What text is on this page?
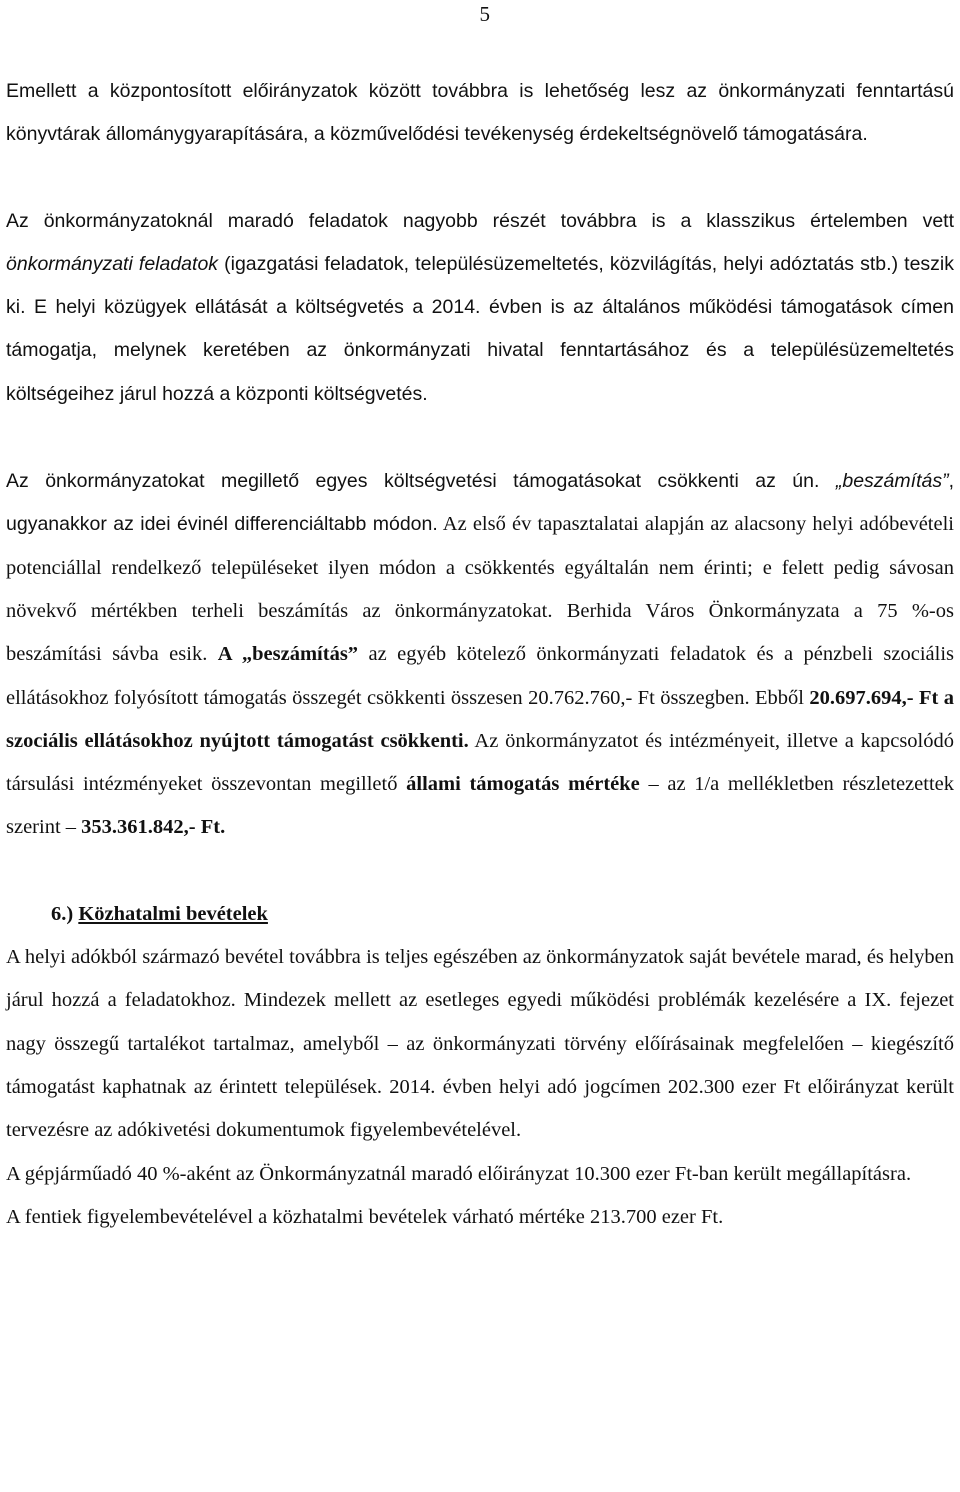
5

Emellett a központosított előirányzatok között továbbra is lehetőség lesz az önkormányzati fenntartású könyvtárak állománygyarapítására, a közművelődési tevékenység érdekeltségnövelő támogatására.

Az önkormányzatoknál maradó feladatok nagyobb részét továbbra is a klasszikus értelemben vett önkormányzati feladatok (igazgatási feladatok, településüzemeltetés, közvilágítás, helyi adóztatás stb.) teszik ki. E helyi közügyek ellátását a költségvetés a 2014. évben is az általános működési támogatások címen támogatja, melynek keretében az önkormányzati hivatal fenntartásához és a településüzemeltetés költségeihez járul hozzá a központi költségvetés.

Az önkormányzatokat megillető egyes költségvetési támogatásokat csökkenti az ún. „beszámítás”, ugyanakkor az idei évinél differenciáltabb módon. Az első év tapasztalatai alapján az alacsony helyi adóbevételi potenciállal rendelkező településeket ilyen módon a csökkentés egyáltalán nem érinti; e felett pedig sávosan növekvő mértékben terheli beszámítás az önkormányzatokat. Berhida Város Önkormányzata a 75 %-os beszámítási sávba esik. A „beszámítás” az egyéb kötelező önkormányzati feladatok és a pénzbeli szociális ellátásokhoz folyósított támogatás összegét csökkenti összesen 20.762.760,- Ft összegben. Ebből 20.697.694,- Ft a szociális ellátásokhoz nyújtott támogatást csökkenti. Az önkormányzatot és intézményeit, illetve a kapcsolódó társulási intézményeket összevontan megillető állami támogatás mértéke – az 1/a mellékletben részletezettek szerint – 353.361.842,- Ft.

6.) Közhatalmi bevételek

A helyi adókból származó bevétel továbbra is teljes egészében az önkormányzatok saját bevétele marad, és helyben járul hozzá a feladatokhoz. Mindezek mellett az esetleges egyedi működési problémák kezelésére a IX. fejezet nagy összegű tartalékot tartalmaz, amelyből – az önkormányzati törvény előírásainak megfelelően – kiegészítő támogatást kaphatnak az érintett települések. 2014. évben helyi adó jogcímen 202.300 ezer Ft előirányzat került tervezésre az adókivetési dokumentumok figyelembevételével.

A gépjárműadó 40 %-aként az Önkormányzatnál maradó előirányzat 10.300 ezer Ft-ban került megállapításra.

A fentiek figyelembevételével a közhatalmi bevételek várható mértéke 213.700 ezer Ft.
